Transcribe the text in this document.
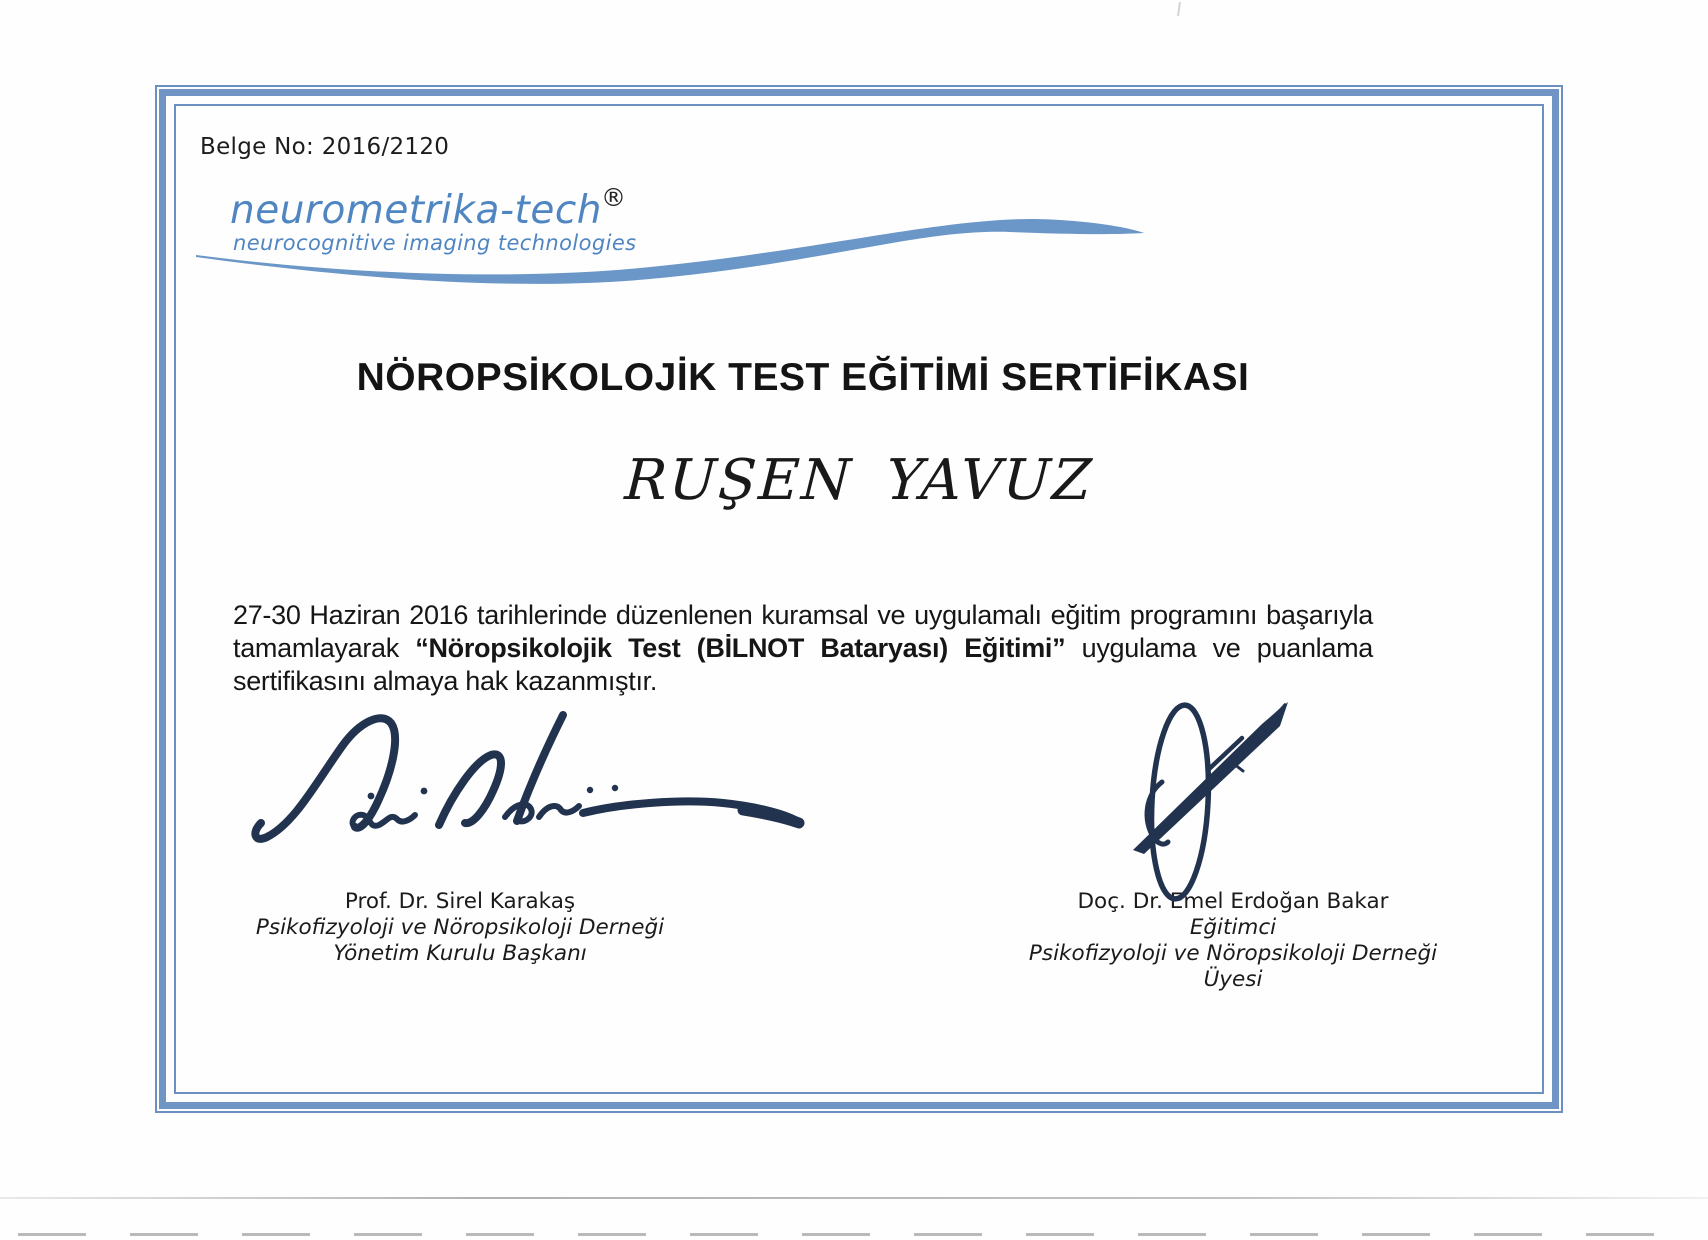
Belge No: 2016/2120
neurometrika-tech ®
neurocognitive imaging technologies
NÖROPSİKOLOJİK TEST EĞİTİMİ SERTİFİKASI
RUŞEN YAVUZ
27-30 Haziran 2016 tarihlerinde düzenlenen kuramsal ve uygulamalı eğitim programını başarıyla tamamlayarak “Nöropsikolojik Test (BİLNOT Bataryası) Eğitimi” uygulama ve puanlama sertifikasını almaya hak kazanmıştır.
Prof. Dr. Sirel Karakaş
Psikofizyoloji ve Nöropsikoloji Derneği
Yönetim Kurulu Başkanı
Doç. Dr. Emel Erdoğan Bakar
Eğitimci
Psikofizyoloji ve Nöropsikoloji Derneği Üyesi
